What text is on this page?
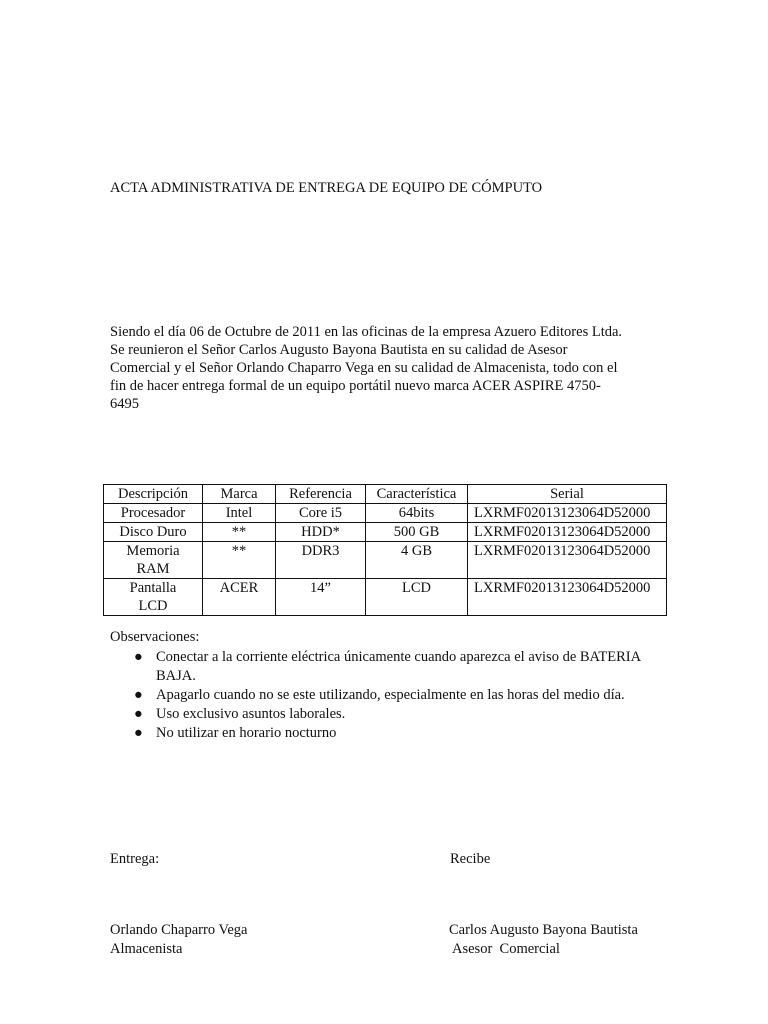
ACTA ADMINISTRATIVA DE ENTREGA DE EQUIPO DE CÓMPUTO
Siendo el día 06 de Octubre de 2011 en las oficinas de la empresa Azuero Editores Ltda.
Se reunieron el Señor Carlos Augusto Bayona Bautista en su calidad de Asesor
Comercial y el Señor Orlando Chaparro Vega en su calidad de Almacenista, todo con el
fin de hacer entrega formal de un equipo portátil nuevo marca ACER ASPIRE 4750-
6495
Descripción	Marca	Referencia	Característica	Serial
Procesador	Intel	Core i5	64bits	LXRMF02013123064D52000
Disco Duro	**	HDD*	500 GB	LXRMF02013123064D52000
Memoria RAM	**	DDR3	4 GB	LXRMF02013123064D52000
Pantalla LCD	ACER	14”	LCD	LXRMF02013123064D52000
Observaciones:
● Conectar a la corriente eléctrica únicamente cuando aparezca el aviso de BATERIA BAJA.
● Apagarlo cuando no se este utilizando, especialmente en las horas del medio día.
● Uso exclusivo asuntos laborales.
● No utilizar en horario nocturno
Entrega:	Recibe
Orlando Chaparro Vega
Almacenista
Carlos Augusto Bayona Bautista
Asesor  Comercial
